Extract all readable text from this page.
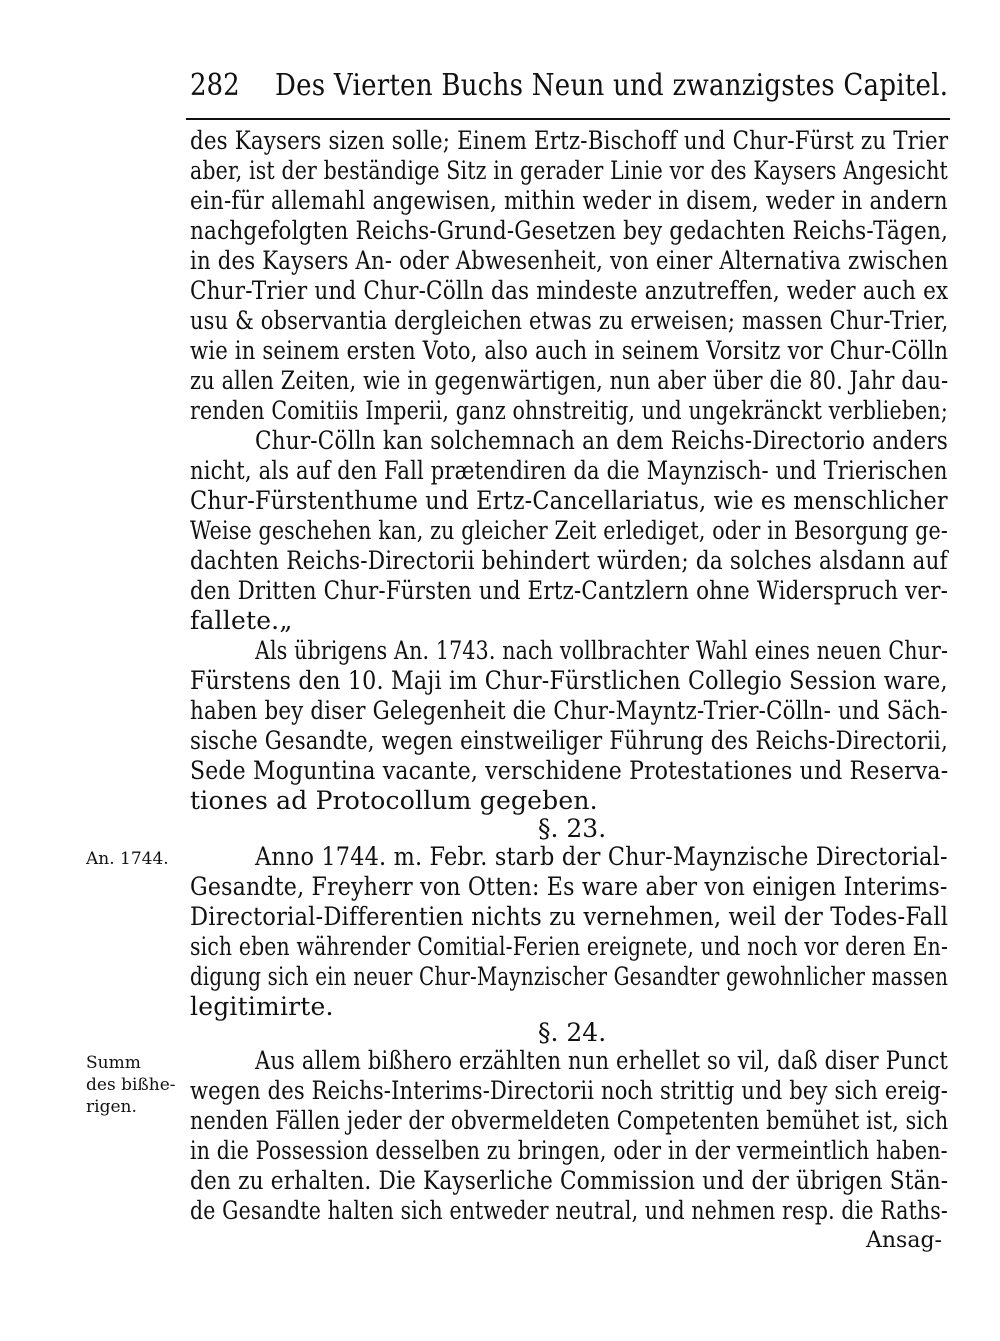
282 Des Vierten Buchs Neun und zwanzigstes Capitel.
des Kaysers sizen solle; Einem Ertz-Bischoff und Chur-Fürst zu Trier
aber, ist der beständige Sitz in gerader Linie vor des Kaysers Angesicht
ein-für allemahl angewisen, mithin weder in disem, weder in andern
nachgefolgten Reichs-Grund-Gesetzen bey gedachten Reichs-Tägen,
in des Kaysers An- oder Abwesenheit, von einer Alternativa zwischen
Chur-Trier und Chur-Cölln das mindeste anzutreffen, weder auch ex
usu & observantia dergleichen etwas zu erweisen; massen Chur-Trier,
wie in seinem ersten Voto, also auch in seinem Vorsitz vor Chur-Cölln
zu allen Zeiten, wie in gegenwärtigen, nun aber über die 80. Jahr dau-
renden Comitiis Imperii, ganz ohnstreitig, und ungekränckt verblieben;
Chur-Cölln kan solchemnach an dem Reichs-Directorio anders
nicht, als auf den Fall prætendiren da die Maynzisch- und Trierischen
Chur-Fürstenthume und Ertz-Cancellariatus, wie es menschlicher
Weise geschehen kan, zu gleicher Zeit erlediget, oder in Besorgung ge-
dachten Reichs-Directorii behindert würden; da solches alsdann auf
den Dritten Chur-Fürsten und Ertz-Cantzlern ohne Widerspruch ver-
fallete.„
Als übrigens An. 1743. nach vollbrachter Wahl eines neuen Chur-
Fürstens den 10. Maji im Chur-Fürstlichen Collegio Session ware,
haben bey diser Gelegenheit die Chur-Mayntz-Trier-Cölln- und Säch-
sische Gesandte, wegen einstweiliger Führung des Reichs-Directorii,
Sede Moguntina vacante, verschidene Protestationes und Reserva-
tiones ad Protocollum gegeben.
§. 23.
An. 1744.	Anno 1744. m. Febr. starb der Chur-Maynzische Directorial-
Gesandte, Freyherr von Otten: Es ware aber von einigen Interims-
Directorial-Differentien nichts zu vernehmen, weil der Todes-Fall
sich eben währender Comitial-Ferien ereignete, und noch vor deren En-
digung sich ein neuer Chur-Maynzischer Gesandter gewohnlicher massen
legitimirte.
§. 24.
Summ
des bißhe-
rigen.
Aus allem bißhero erzählten nun erhellet so vil, daß diser Punct
wegen des Reichs-Interims-Directorii noch strittig und bey sich ereig-
nenden Fällen jeder der obvermeldeten Competenten bemühet ist, sich
in die Possession desselben zu bringen, oder in der vermeintlich haben-
den zu erhalten. Die Kayserliche Commission und der übrigen Stän-
de Gesandte halten sich entweder neutral, und nehmen resp. die Raths-
Ansag-
